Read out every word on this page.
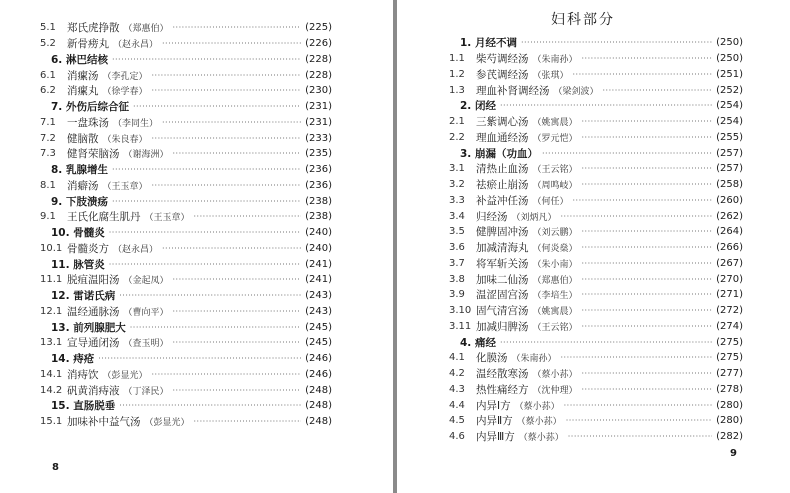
5.1	郑氏虎挣散 （郑惠伯） ·····	(225)
5.2	新骨痨丸 （赵永昌） ·····	(226)
6. 淋巴结核 ·····	(228)
6.1	消瘰汤 （李孔定） ·····	(228)
6.2	消瘰丸 （徐学春） ·····	(230)
7. 外伤后综合征 ·····	(231)
7.1	一盘珠汤 （李同生） ·····	(231)
7.2	健脑散 （朱良春） ·····	(233)
7.3	健肾荣脑汤 （谢海洲） ·····	(235)
8. 乳腺增生 ·····	(236)
8.1	消癖汤 （王玉章） ·····	(236)
9. 下肢溃疡 ·····	(238)
9.1	王氏化腐生肌丹 （王玉章） ·····	(238)
10. 骨髓炎 ·····	(240)
10.1 骨髓炎方 （赵永昌） ·····	(240)
11. 脉管炎 ·····	(241)
11.1 脱疽温阳汤 （金起凤） ·····	(241)
12. 雷诺氏病 ·····	(243)
12.1 温经通脉汤 （曹向平） ·····	(243)
13. 前列腺肥大 ·····	(245)
13.1 宣导通闭汤 （査玉明） ·····	(245)
14. 痔疮 ·····	(246)
14.1 消痔饮 （彭显光） ·····	(246)
14.2 矾黄消痔液 （丁泽民） ·····	(248)
15. 直肠脱垂 ·····	(248)
15.1 加味补中益气汤 （彭显光） ·····	(248)
8
妇科部分
1. 月经不调 ·····	(250)
1.1	柴芍调经汤 （朱南孙） ·····	(250)
1.2	参芪调经汤 （张琪） ·····	(251)
1.3	理血补肾调经汤 （梁剑波） ·····	(252)
2. 闭经 ·····	(254)
2.1	三紫调心汤 （姚寓晨） ·····	(254)
2.2	理血通经汤 （罗元恺） ·····	(255)
3. 崩漏（功血） ·····	(257)
3.1	清热止血汤 （王云铭） ·····	(257)
3.2	祛瘀止崩汤 （周鸣岐） ·····	(258)
3.3	补益冲任汤 （何任） ·····	(260)
3.4	归经汤 （刘炳凡） ·····	(262)
3.5	健脾固冲汤 （刘云鹏） ·····	(264)
3.6	加减清海丸 （何炎燊） ·····	(266)
3.7	将军斩关汤 （朱小南） ·····	(267)
3.8	加味二仙汤 （郑惠伯） ·····	(270)
3.9	温涩固宫汤 （李培生） ·····	(271)
3.10 固气清宫汤 （姚寓晨） ·····	(272)
3.11 加减归脾汤 （王云铭） ·····	(274)
4. 痛经 ·····	(275)
4.1	化膜汤 （朱南孙） ·····	(275)
4.2	温经散寒汤 （蔡小荪） ·····	(277)
4.3	热性痛经方 （沈仲理） ·····	(278)
4.4	内异Ⅰ方 （蔡小荪） ·····	(280)
4.5	内异Ⅱ方 （蔡小荪） ·····	(280)
4.6	内异Ⅲ方 （蔡小荪） ·····	(282)
9
